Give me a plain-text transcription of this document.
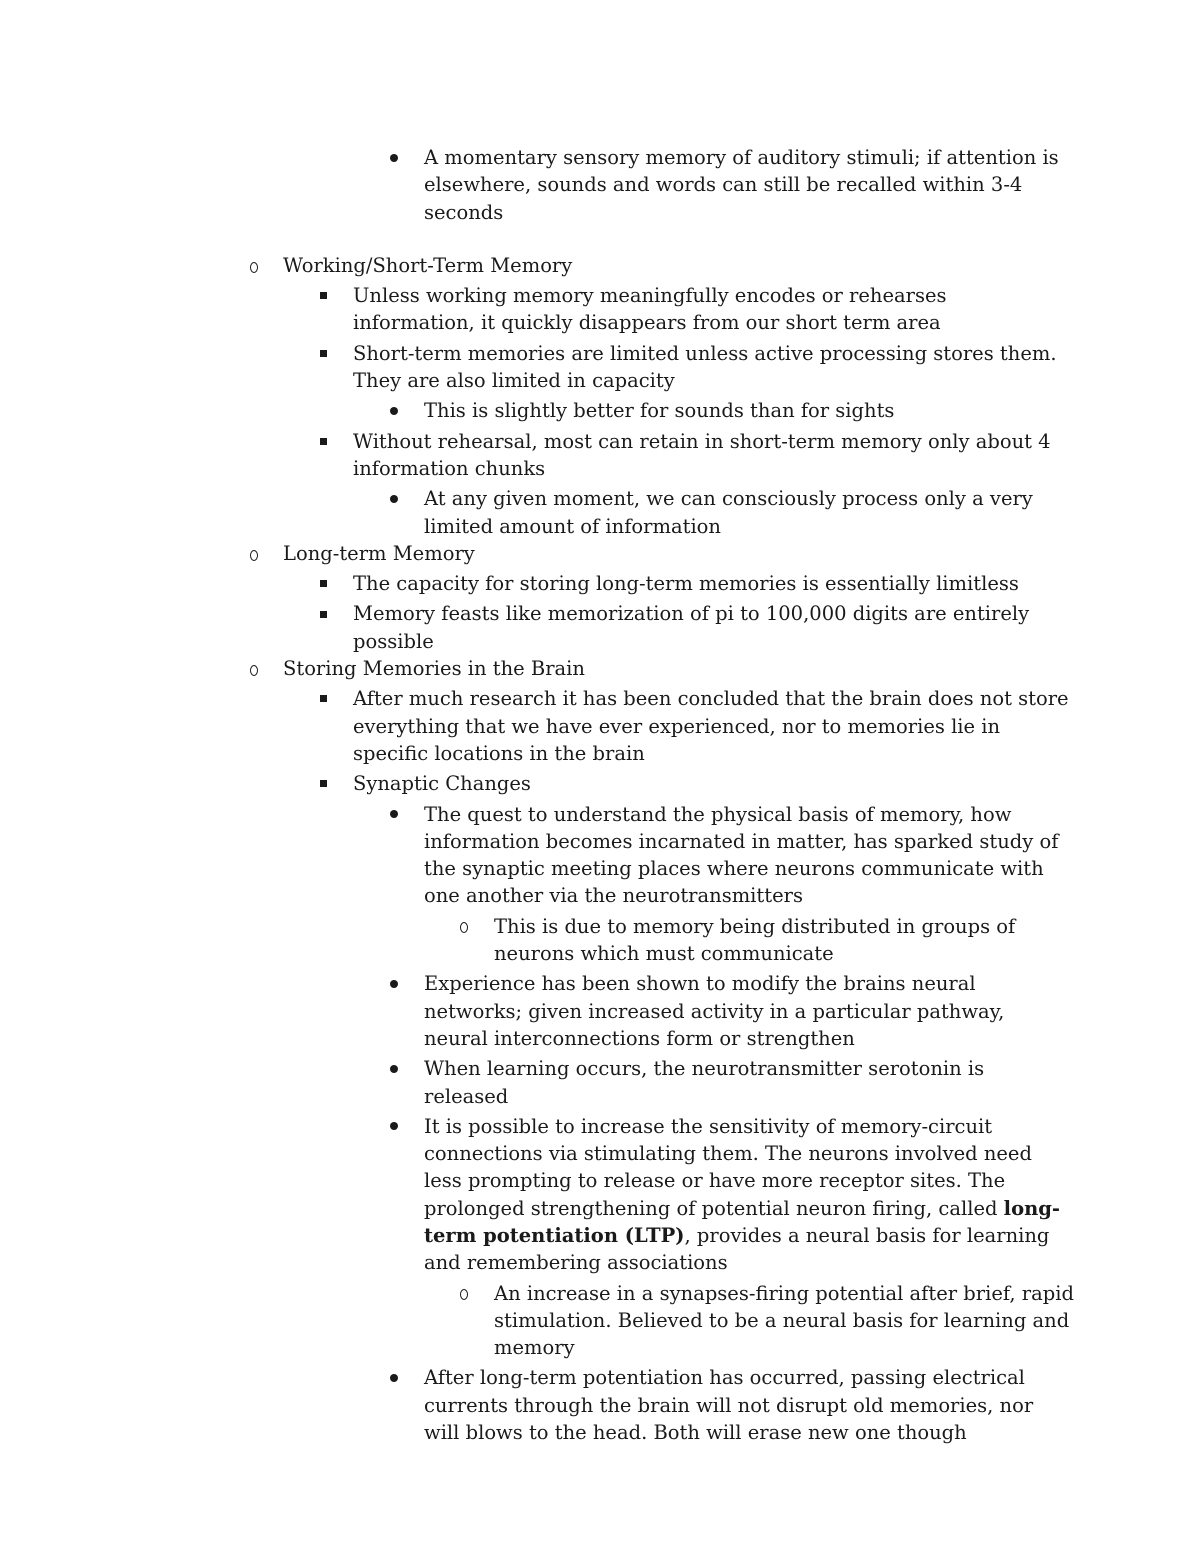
A momentary sensory memory of auditory stimuli; if attention is elsewhere, sounds and words can still be recalled within 3-4 seconds
Working/Short-Term Memory
Unless working memory meaningfully encodes or rehearses information, it quickly disappears from our short term area
Short-term memories are limited unless active processing stores them. They are also limited in capacity
This is slightly better for sounds than for sights
Without rehearsal, most can retain in short-term memory only about 4 information chunks
At any given moment, we can consciously process only a very limited amount of information
Long-term Memory
The capacity for storing long-term memories is essentially limitless
Memory feasts like memorization of pi to 100,000 digits are entirely possible
Storing Memories in the Brain
After much research it has been concluded that the brain does not store everything that we have ever experienced, nor to memories lie in specific locations in the brain
Synaptic Changes
The quest to understand the physical basis of memory, how information becomes incarnated in matter, has sparked study of the synaptic meeting places where neurons communicate with one another via the neurotransmitters
This is due to memory being distributed in groups of neurons which must communicate
Experience has been shown to modify the brains neural networks; given increased activity in a particular pathway, neural interconnections form or strengthen
When learning occurs, the neurotransmitter serotonin is released
It is possible to increase the sensitivity of memory-circuit connections via stimulating them. The neurons involved need less prompting to release or have more receptor sites. The prolonged strengthening of potential neuron firing, called long-term potentiation (LTP), provides a neural basis for learning and remembering associations
An increase in a synapses-firing potential after brief, rapid stimulation. Believed to be a neural basis for learning and memory
After long-term potentiation has occurred, passing electrical currents through the brain will not disrupt old memories, nor will blows to the head. Both will erase new one though
